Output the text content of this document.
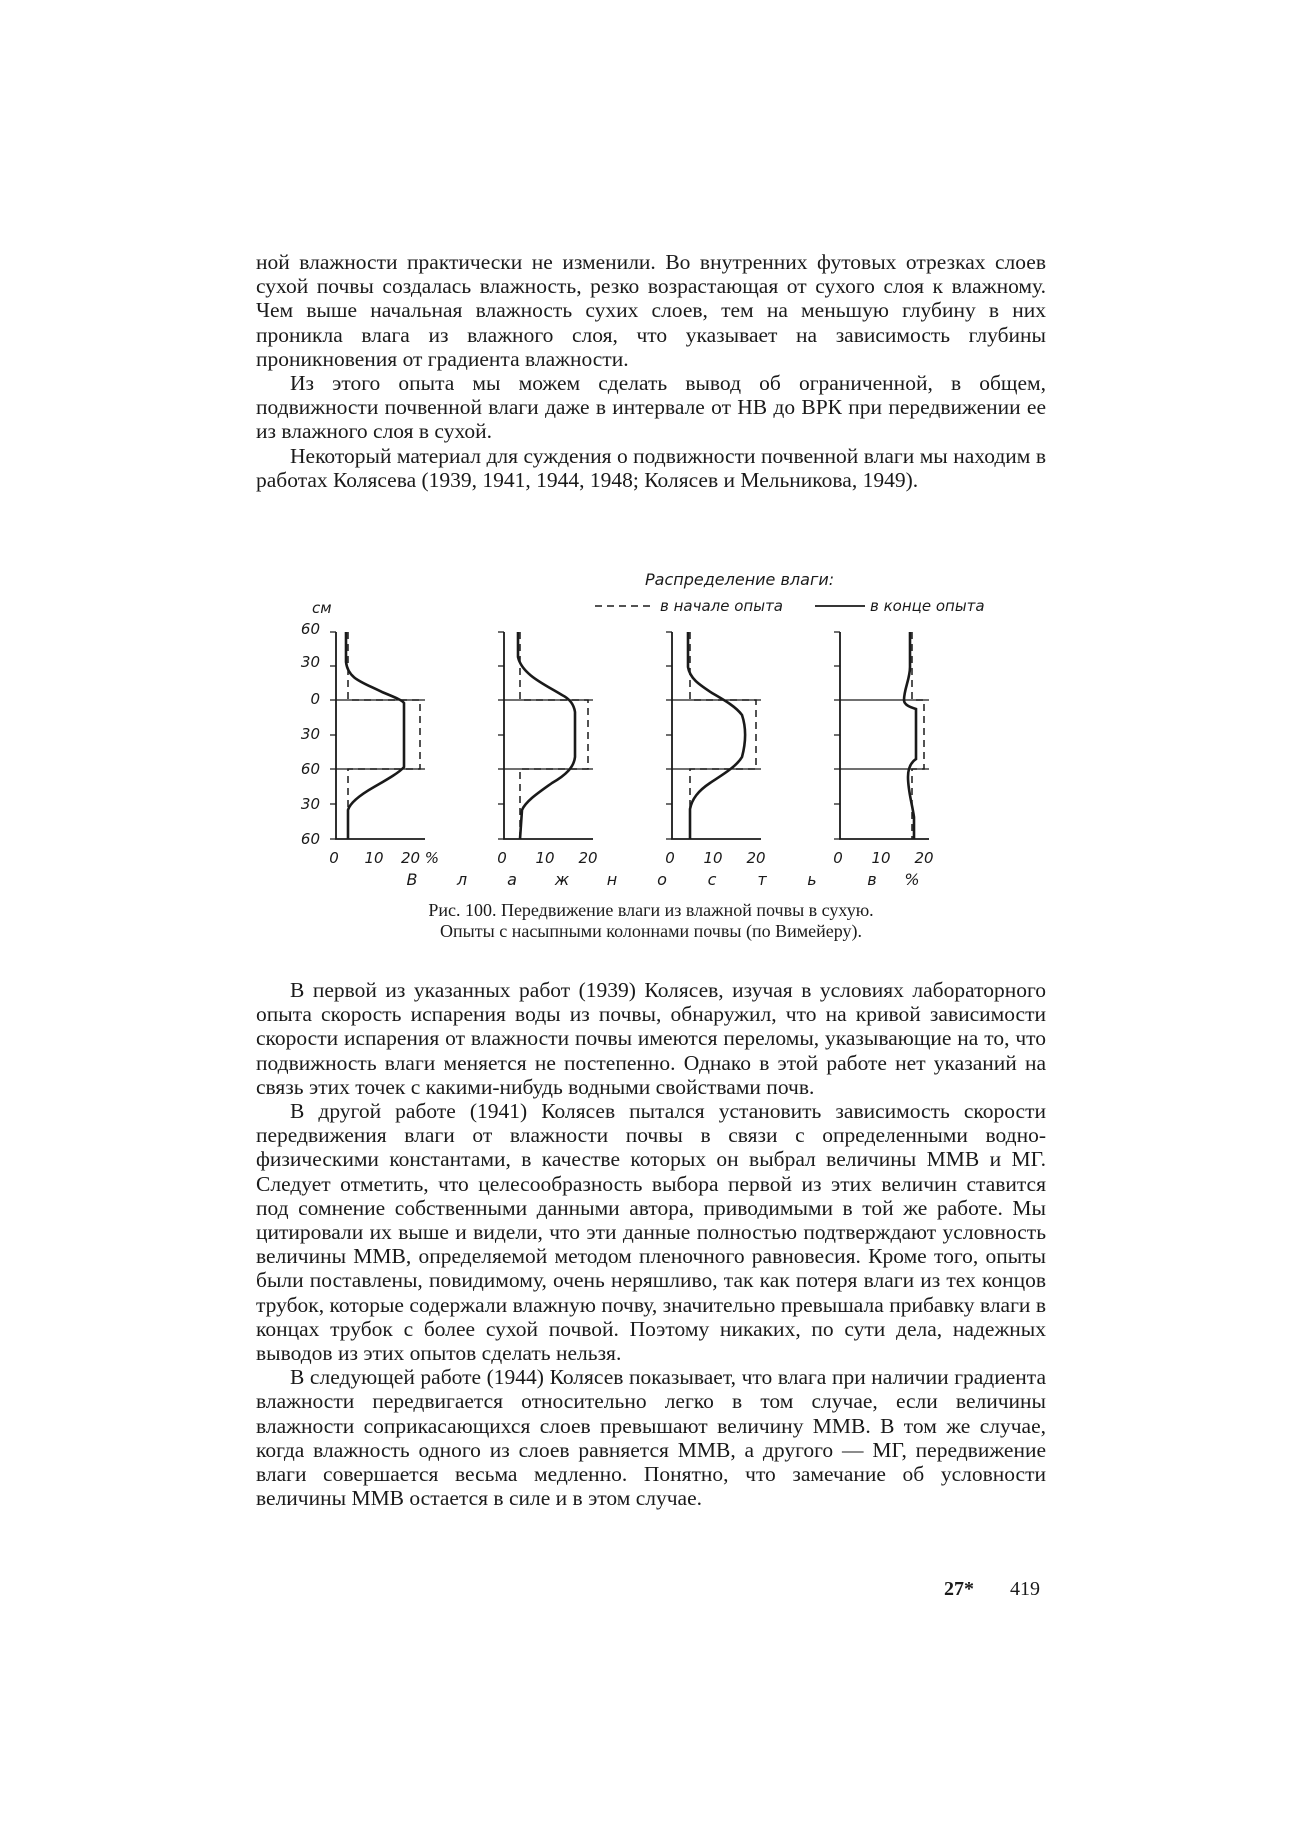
ной влажности практически не изменили. Во внутренних футовых отрезках слоев сухой почвы создалась влажность, резко возрастающая от сухого слоя к влажному. Чем выше начальная влажность сухих слоев, тем на меньшую глубину в них проникла влага из влажного слоя, что указывает на зависимость глубины проникновения от градиента влажности.

Из этого опыта мы можем сделать вывод об ограниченной, в общем, подвижности почвенной влаги даже в интервале от НВ до ВРК при передвижении ее из влажного слоя в сухой.

Некоторый материал для суждения о подвижности почвенной влаги мы находим в работах Колясева (1939, 1941, 1944, 1948; Колясев и Мельникова, 1949).

Распределение влаги:
в начале опыта	в конце опыта
см
60
30
0
30
60
30
60
0 10 20 %	0 10 20	0 10 20	0 10 20
В л а ж н о	с	т	ь	в %
Рис. 100. Передвижение влаги из влажной почвы в сухую.
Опыты с насыпными колоннами почвы (по Вимейеру).

В первой из указанных работ (1939) Колясев, изучая в условиях лабораторного опыта скорость испарения воды из почвы, обнаружил, что на кривой зависимости скорости испарения от влажности почвы имеются переломы, указывающие на то, что подвижность влаги меняется не постепенно. Однако в этой работе нет указаний на связь этих точек с какими-нибудь водными свойствами почв.

В другой работе (1941) Колясев пытался установить зависимость скорости передвижения влаги от влажности почвы в связи с определенными водно-физическими константами, в качестве которых он выбрал величины ММВ и МГ. Следует отметить, что целесообразность выбора первой из этих величин ставится под сомнение собственными данными автора, приводимыми в той же работе. Мы цитировали их выше и видели, что эти данные полностью подтверждают условность величины ММВ, определяемой методом пленочного равновесия. Кроме того, опыты были поставлены, повидимому, очень неряшливо, так как потеря влаги из тех концов трубок, которые содержали влажную почву, значительно превышала прибавку влаги в концах трубок с более сухой почвой. Поэтому никаких, по сути дела, надежных выводов из этих опытов сделать нельзя.

В следующей работе (1944) Колясев показывает, что влага при наличии градиента влажности передвигается относительно легко в том случае, если величины влажности соприкасающихся слоев превышают величину ММВ. В том же случае, когда влажность одного из слоев равняется ММВ, а другого — МГ, передвижение влаги совершается весьма медленно. Понятно, что замечание об условности величины ММВ остается в силе и в этом случае.

27* 419
